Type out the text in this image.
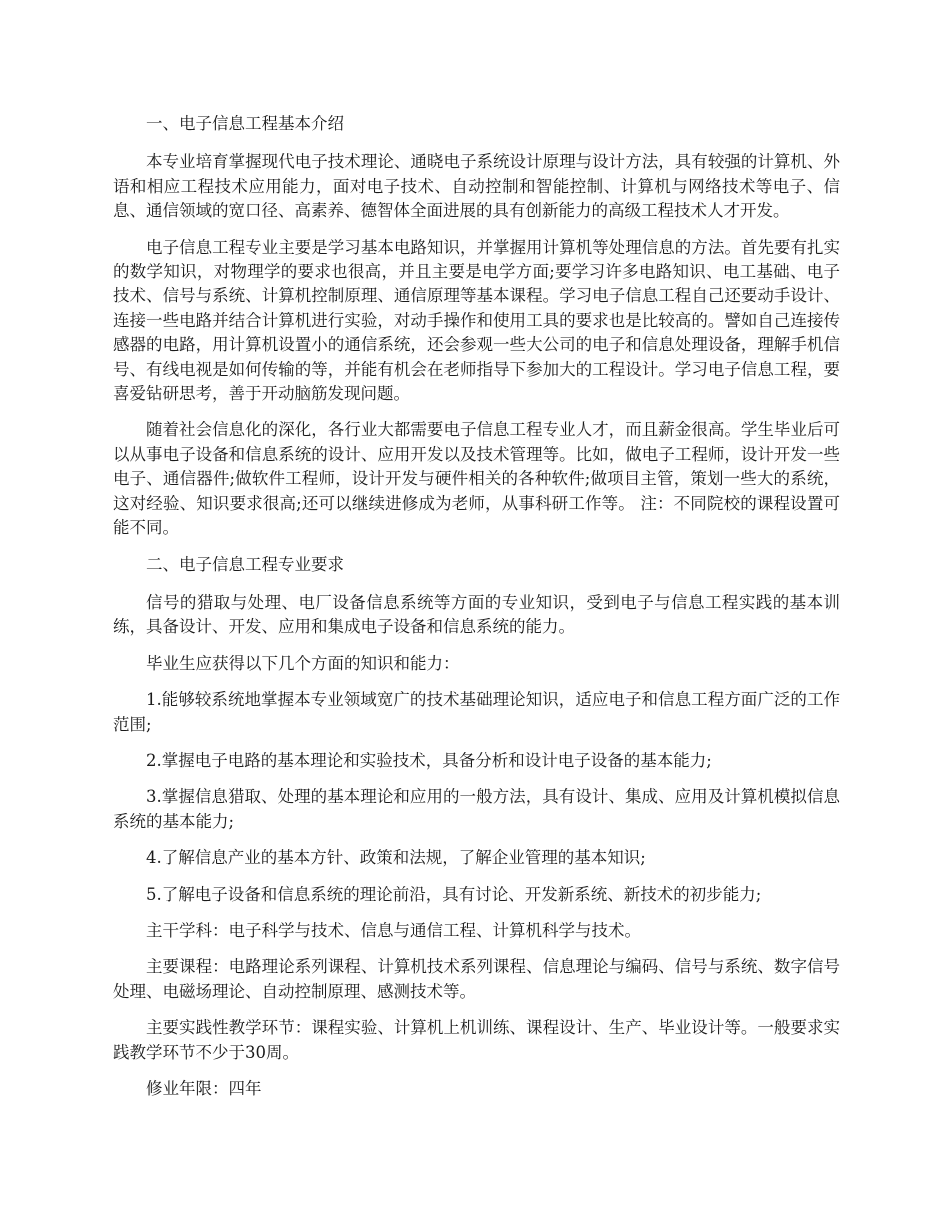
一、电子信息工程基本介绍

本专业培育掌握现代电子技术理论、通晓电子系统设计原理与设计方法，具有较强的计算机、外语和相应工程技术应用能力，面对电子技术、自动控制和智能控制、计算机与网络技术等电子、信息、通信领域的宽口径、高素养、德智体全面进展的具有创新能力的高级工程技术人才开发。

电子信息工程专业主要是学习基本电路知识，并掌握用计算机等处理信息的方法。首先要有扎实的数学知识，对物理学的要求也很高，并且主要是电学方面;要学习许多电路知识、电工基础、电子技术、信号与系统、计算机控制原理、通信原理等基本课程。学习电子信息工程自己还要动手设计、连接一些电路并结合计算机进行实验，对动手操作和使用工具的要求也是比较高的。譬如自己连接传感器的电路，用计算机设置小的通信系统，还会参观一些大公司的电子和信息处理设备，理解手机信号、有线电视是如何传输的等，并能有机会在老师指导下参加大的工程设计。学习电子信息工程，要喜爱钻研思考，善于开动脑筋发现问题。

随着社会信息化的深化，各行业大都需要电子信息工程专业人才，而且薪金很高。学生毕业后可以从事电子设备和信息系统的设计、应用开发以及技术管理等。比如，做电子工程师，设计开发一些电子、通信器件;做软件工程师，设计开发与硬件相关的各种软件;做项目主管，策划一些大的系统，这对经验、知识要求很高;还可以继续进修成为老师，从事科研工作等。 注：不同院校的课程设置可能不同。

二、电子信息工程专业要求

信号的猎取与处理、电厂设备信息系统等方面的专业知识，受到电子与信息工程实践的基本训练，具备设计、开发、应用和集成电子设备和信息系统的能力。

毕业生应获得以下几个方面的知识和能力：

1.能够较系统地掌握本专业领域宽广的技术基础理论知识，适应电子和信息工程方面广泛的工作范围;

2.掌握电子电路的基本理论和实验技术，具备分析和设计电子设备的基本能力;

3.掌握信息猎取、处理的基本理论和应用的一般方法，具有设计、集成、应用及计算机模拟信息系统的基本能力;

4.了解信息产业的基本方针、政策和法规，了解企业管理的基本知识;

5.了解电子设备和信息系统的理论前沿，具有讨论、开发新系统、新技术的初步能力;

主干学科：电子科学与技术、信息与通信工程、计算机科学与技术。

主要课程：电路理论系列课程、计算机技术系列课程、信息理论与编码、信号与系统、数字信号处理、电磁场理论、自动控制原理、感测技术等。

主要实践性教学环节：课程实验、计算机上机训练、课程设计、生产、毕业设计等。一般要求实践教学环节不少于30周。

修业年限：四年
